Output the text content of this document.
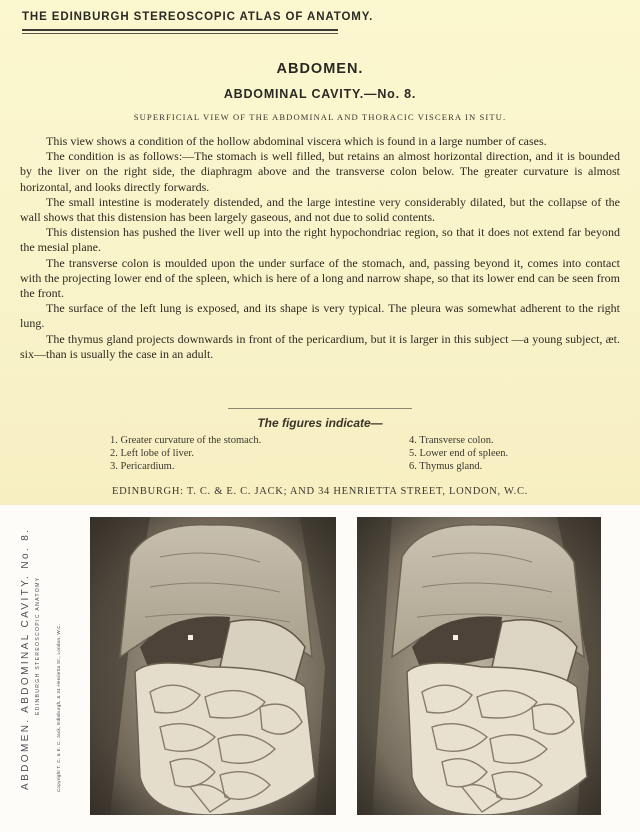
THE EDINBURGH STEREOSCOPIC ATLAS OF ANATOMY.
ABDOMEN.
ABDOMINAL CAVITY.—No. 8.
SUPERFICIAL VIEW OF THE ABDOMINAL AND THORACIC VISCERA IN SITU.

This view shows a condition of the hollow abdominal viscera which is found in a large number of cases.

The condition is as follows:—The stomach is well filled, but retains an almost horizontal direction, and it is bounded by the liver on the right side, the diaphragm above and the transverse colon below. The greater curvature is almost horizontal, and looks directly forwards.

The small intestine is moderately distended, and the large intestine very considerably dilated, but the collapse of the wall shows that this distension has been largely gaseous, and not due to solid contents.

This distension has pushed the liver well up into the right hypochondriac region, so that it does not extend far beyond the mesial plane.

The transverse colon is moulded upon the under surface of the stomach, and, passing beyond it, comes into contact with the projecting lower end of the spleen, which is here of a long and narrow shape, so that its lower end can be seen from the front.

The surface of the left lung is exposed, and its shape is very typical. The pleura was somewhat adherent to the right lung.

The thymus gland projects downwards in front of the pericardium, but it is larger in this subject —a young subject, æt. six—than is usually the case in an adult.

The figures indicate—
1. Greater curvature of the stomach.
2. Left lobe of liver.
3. Pericardium.
4. Transverse colon.
5. Lower end of spleen.
6. Thymus gland.
EDINBURGH: T. C. & E. C. JACK; AND 34 HENRIETTA STREET, LONDON, W.C.
ABDOMEN. ABDOMINAL CAVITY. No. 8. EDINBURGH STEREOSCOPIC ANATOMY	Copyright T. C. & E. C. Jack, Edinburgh, & 34 Henrietta St., London, W.C.
